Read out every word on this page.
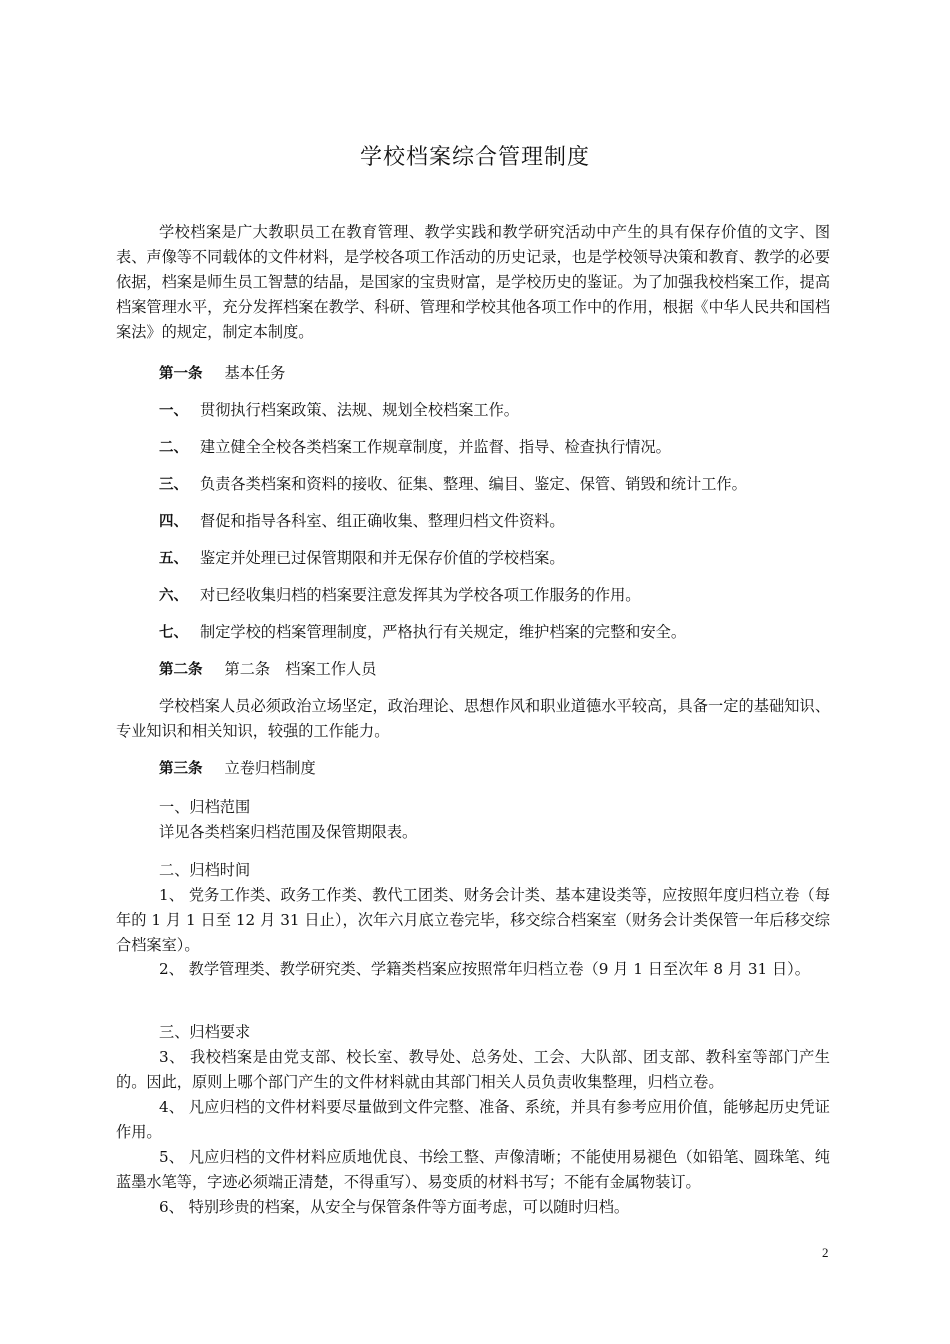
学校档案综合管理制度

学校档案是广大教职员工在教育管理、教学实践和教学研究活动中产生的具有保存价值的文字、图表、声像等不同载体的文件材料，是学校各项工作活动的历史记录，也是学校领导决策和教育、教学的必要依据，档案是师生员工智慧的结晶，是国家的宝贵财富，是学校历史的鉴证。为了加强我校档案工作，提高档案管理水平，充分发挥档案在教学、科研、管理和学校其他各项工作中的作用，根据《中华人民共和国档案法》的规定，制定本制度。

第一条 基本任务

一、 贯彻执行档案政策、法规、规划全校档案工作。

二、 建立健全全校各类档案工作规章制度，并监督、指导、检查执行情况。

三、 负责各类档案和资料的接收、征集、整理、编目、鉴定、保管、销毁和统计工作。

四、 督促和指导各科室、组正确收集、整理归档文件资料。

五、 鉴定并处理已过保管期限和并无保存价值的学校档案。

六、 对已经收集归档的档案要注意发挥其为学校各项工作服务的作用。

七、 制定学校的档案管理制度，严格执行有关规定，维护档案的完整和安全。

第二条 第二条　档案工作人员

学校档案人员必须政治立场坚定，政治理论、思想作风和职业道德水平较高，具备一定的基础知识、专业知识和相关知识，较强的工作能力。

第三条 立卷归档制度

一、归档范围

详见各类档案归档范围及保管期限表。

二、归档时间

1、 党务工作类、政务工作类、教代工团类、财务会计类、基本建设类等，应按照年度归档立卷（每年的 1 月 1 日至 12 月 31 日止），次年六月底立卷完毕，移交综合档案室（财务会计类保管一年后移交综合档案室）。

2、 教学管理类、教学研究类、学籍类档案应按照常年归档立卷（9 月 1 日至次年 8 月 31 日）。

三、归档要求

3、 我校档案是由党支部、校长室、教导处、总务处、工会、大队部、团支部、教科室等部门产生的。因此，原则上哪个部门产生的文件材料就由其部门相关人员负责收集整理，归档立卷。

4、 凡应归档的文件材料要尽量做到文件完整、准备、系统，并具有参考应用价值，能够起历史凭证作用。

5、 凡应归档的文件材料应质地优良、书绘工整、声像清晰；不能使用易褪色（如铅笔、圆珠笔、纯蓝墨水笔等，字迹必须端正清楚，不得重写）、易变质的材料书写；不能有金属物装订。

6、 特别珍贵的档案，从安全与保管条件等方面考虑，可以随时归档。

2
